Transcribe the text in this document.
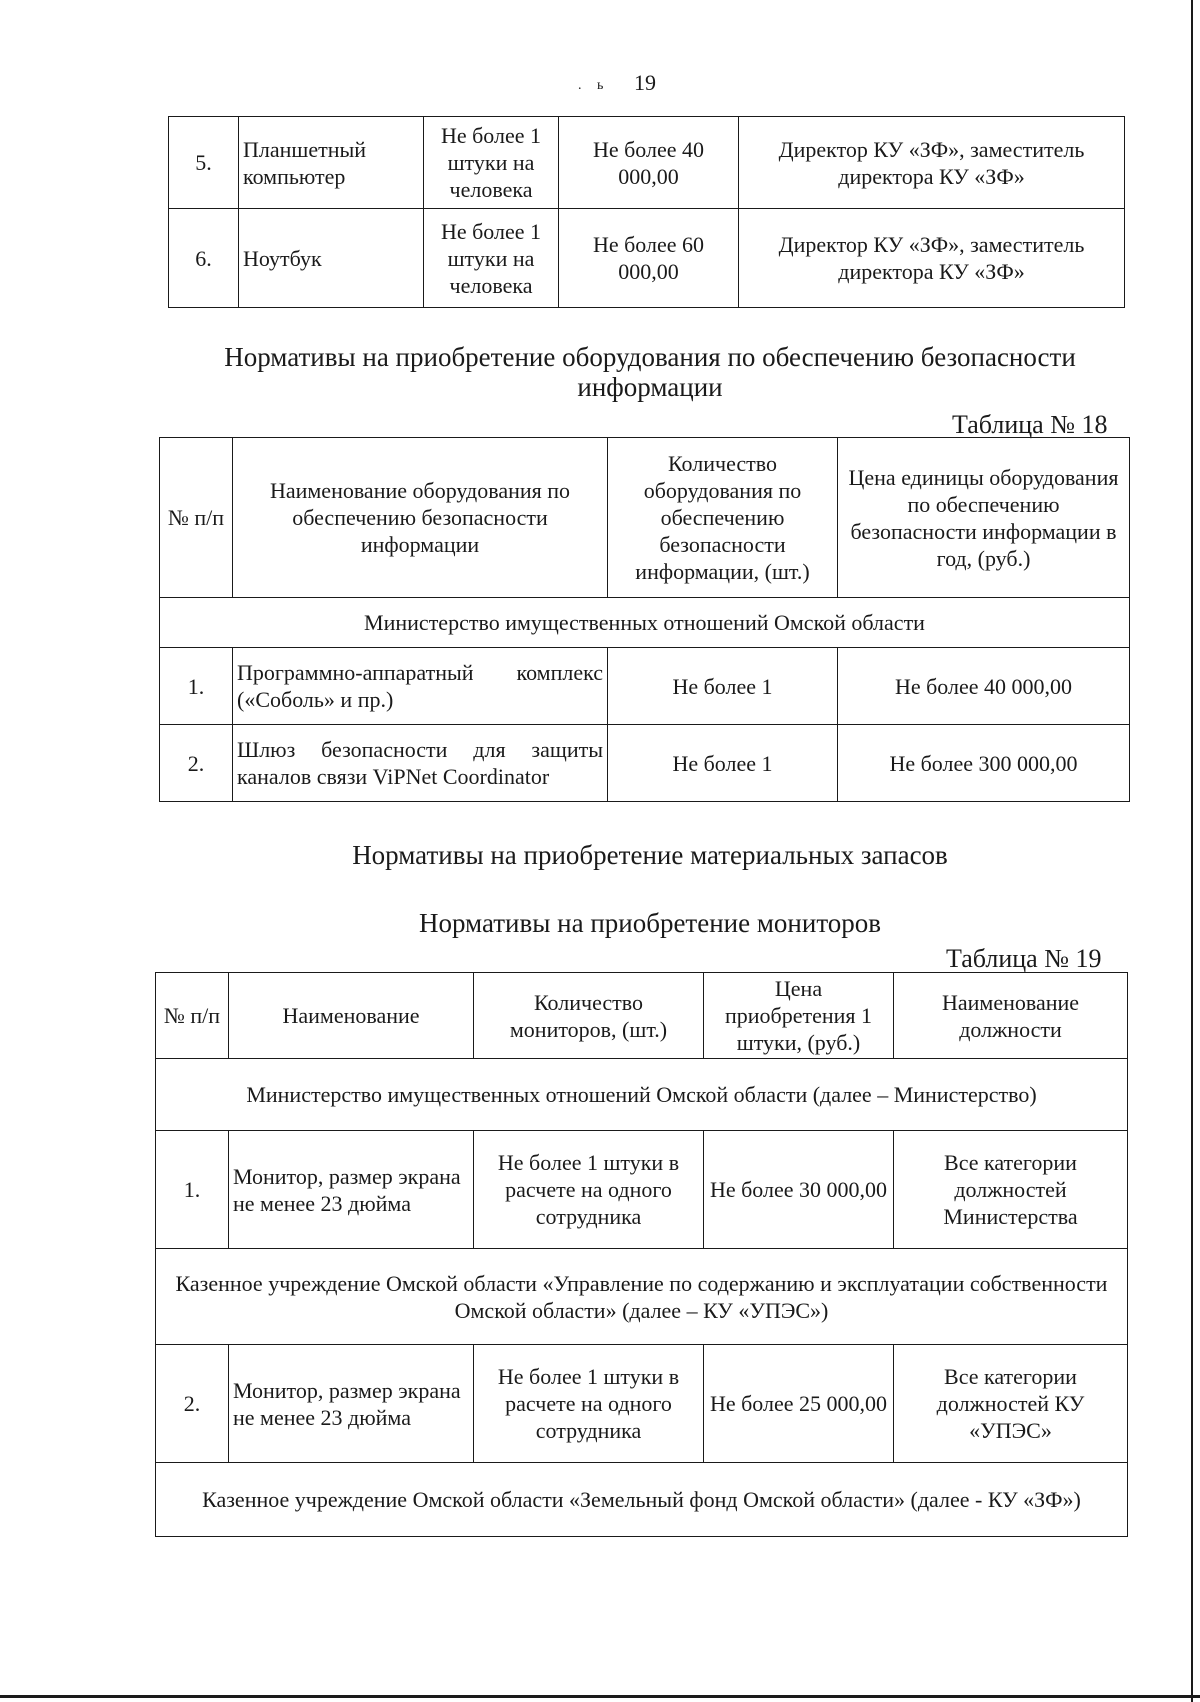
. ь	19
5.	Планшетный компьютер	Не более 1 штуки на человека	Не более 40 000,00	Директор КУ «ЗФ», заместитель директора КУ «ЗФ»
6.	Ноутбук	Не более 1 штуки на человека	Не более 60 000,00	Директор КУ «ЗФ», заместитель директора КУ «ЗФ»
Нормативы на приобретение оборудования по обеспечению безопасности информации
Таблица № 18
№ п/п	Наименование оборудования по обеспечению безопасности информации	Количество оборудования по обеспечению безопасности информации, (шт.)	Цена единицы оборудования по обеспечению безопасности информации в год, (руб.)
Министерство имущественных отношений Омской области			
1.	Программно-аппаратный комплекс («Соболь» и пр.)	Не более 1	Не более 40 000,00
2.	Шлюз безопасности для защиты каналов связи ViPNet Coordinator	Не более 1	Не более 300 000,00
Нормативы на приобретение материальных запасов
Нормативы на приобретение мониторов
Таблица № 19
№ п/п	Наименование	Количество мониторов, (шт.)	Цена приобретения 1 штуки, (руб.)	Наименование должности
Министерство имущественных отношений Омской области (далее – Министерство)				
1.	Монитор, размер экрана не менее 23 дюйма	Не более 1 штуки в расчете на одного сотрудника	Не более 30 000,00	Все категории должностей Министерства
Казенное учреждение Омской области «Управление по содержанию и эксплуатации собственности Омской области» (далее – КУ «УПЭС»)				
2.	Монитор, размер экрана не менее 23 дюйма	Не более 1 штуки в расчете на одного сотрудника	Не более 25 000,00	Все категории должностей КУ «УПЭС»
Казенное учреждение Омской области «Земельный фонд Омской области» (далее - КУ «ЗФ»)				
